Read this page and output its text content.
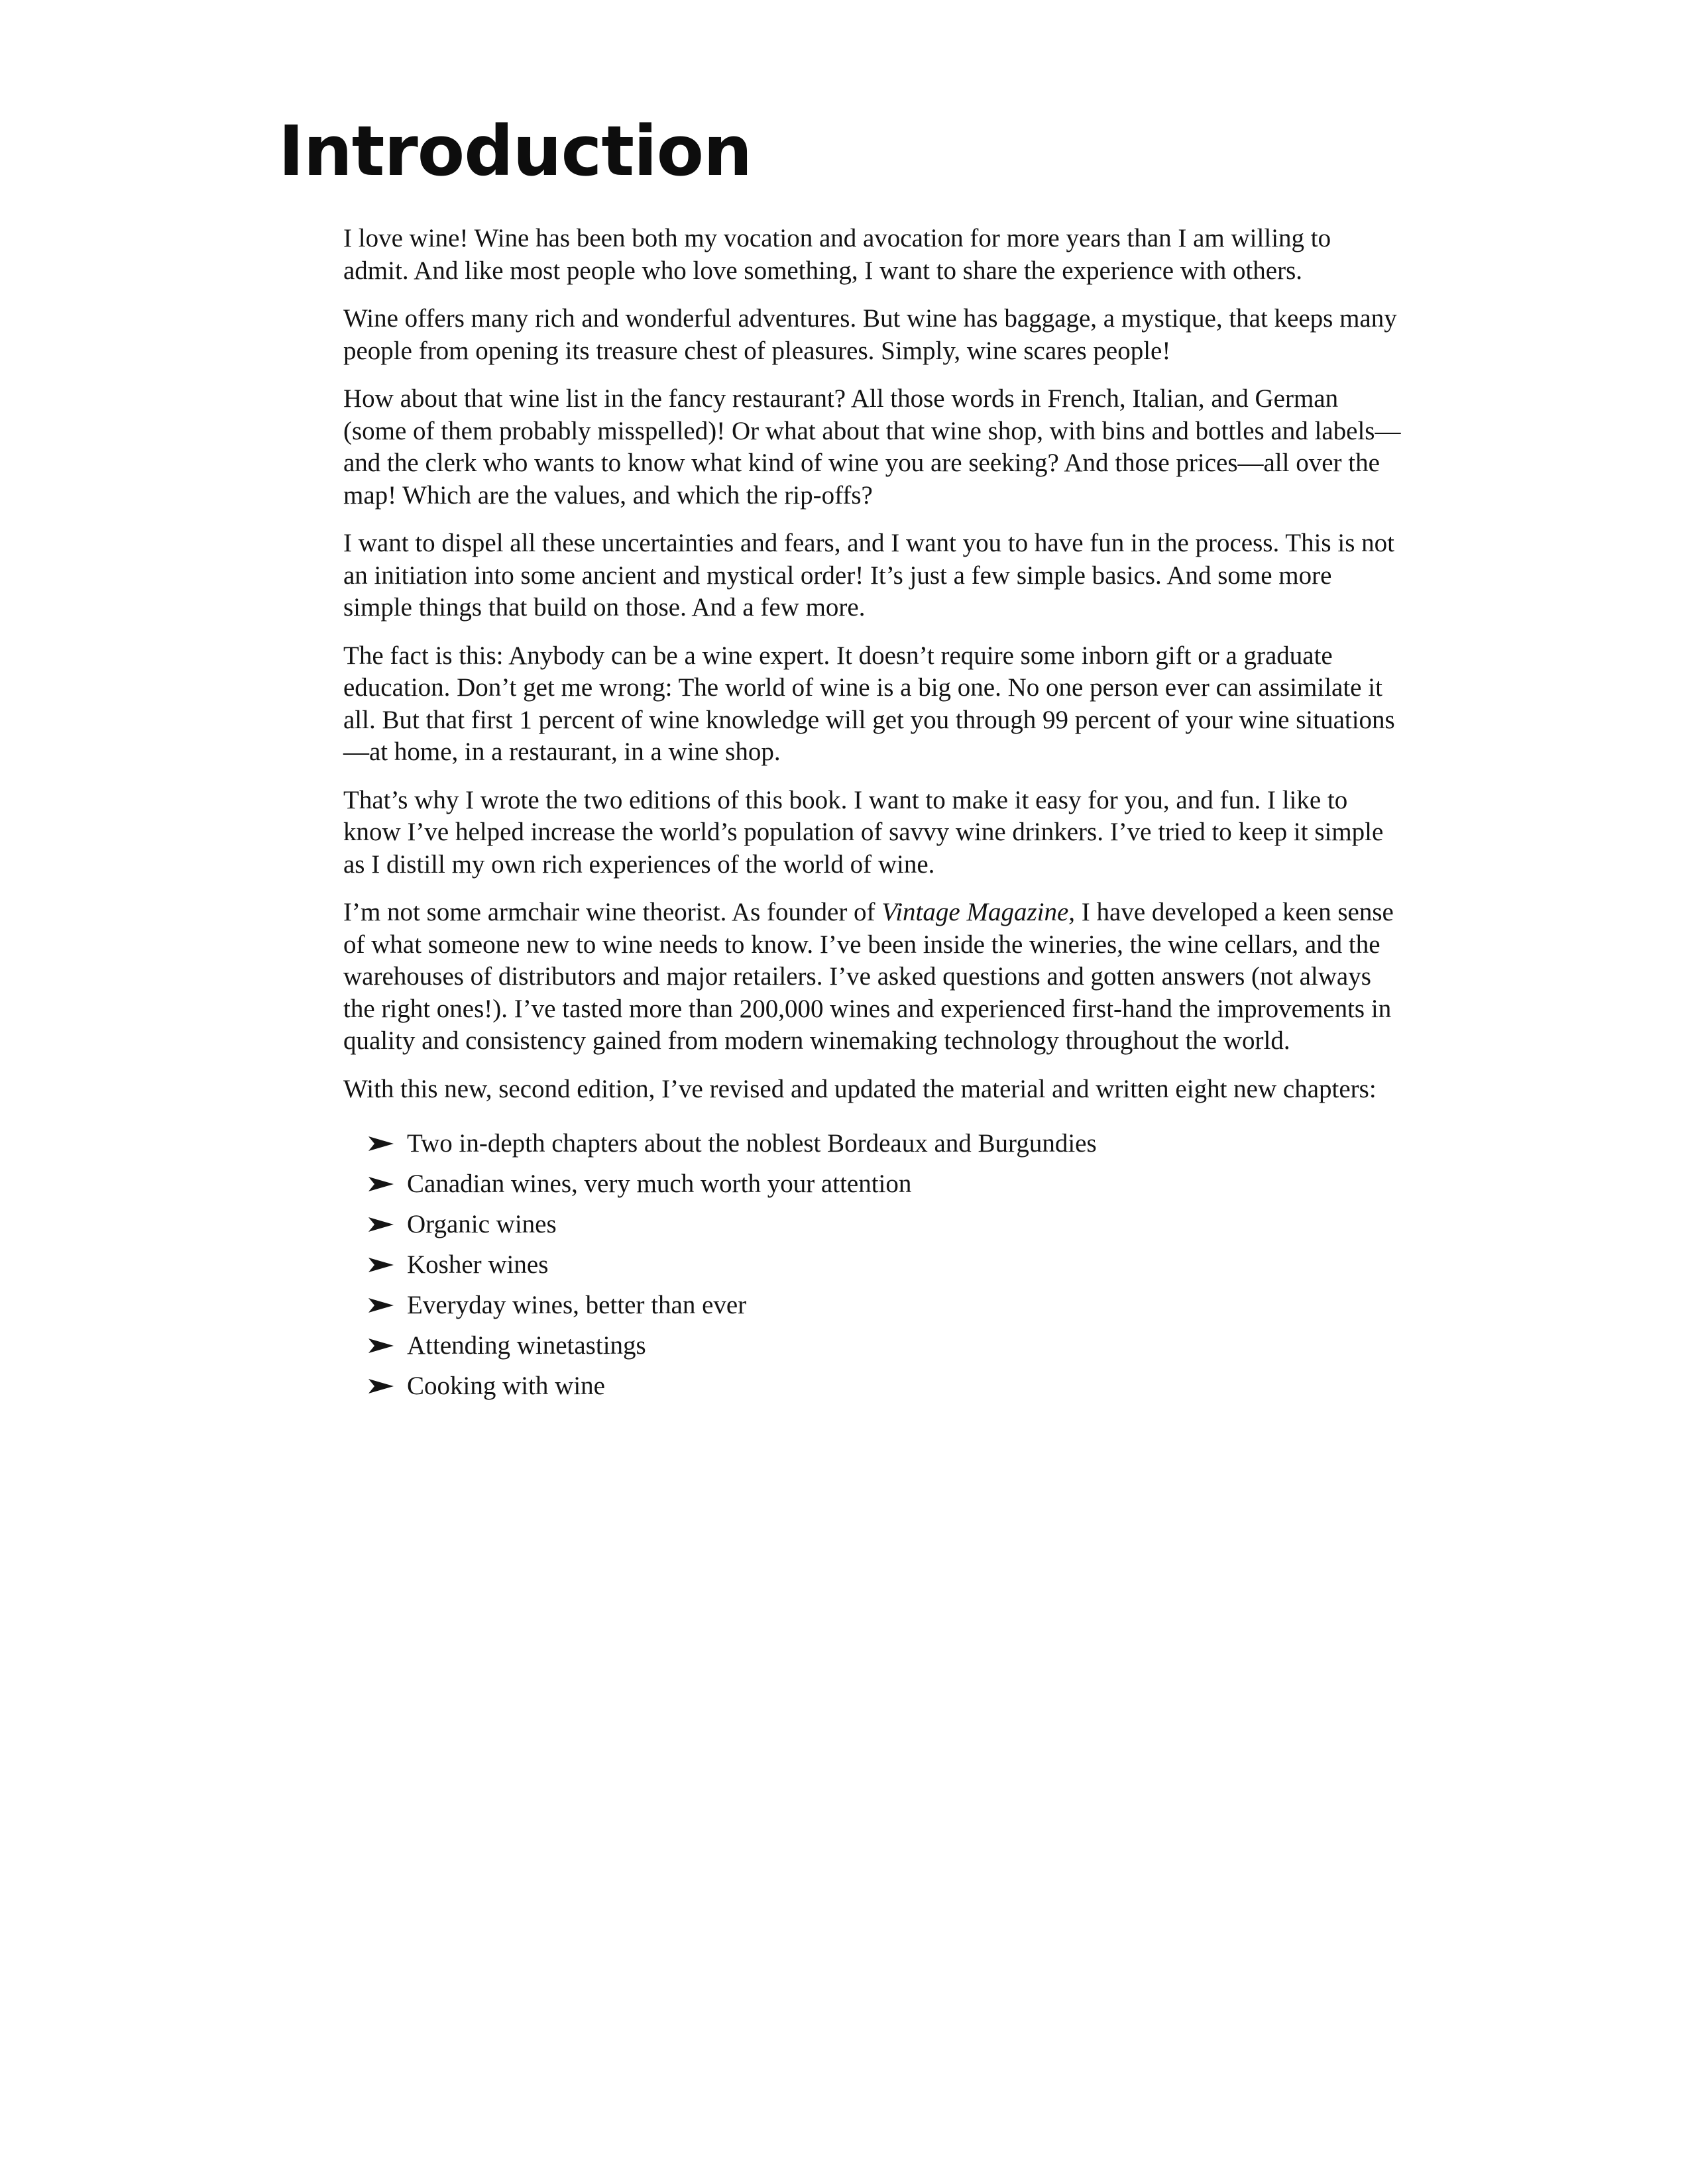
Introduction

I love wine! Wine has been both my vocation and avocation for more years than I am willing to admit. And like most people who love something, I want to share the experience with others.

Wine offers many rich and wonderful adventures. But wine has baggage, a mystique, that keeps many people from opening its treasure chest of pleasures. Simply, wine scares people!

How about that wine list in the fancy restaurant? All those words in French, Italian, and German (some of them probably misspelled)! Or what about that wine shop, with bins and bottles and labels—and the clerk who wants to know what kind of wine you are seeking? And those prices—all over the map! Which are the values, and which the rip-offs?

I want to dispel all these uncertainties and fears, and I want you to have fun in the process. This is not an initiation into some ancient and mystical order! It’s just a few simple basics. And some more simple things that build on those. And a few more.

The fact is this: Anybody can be a wine expert. It doesn’t require some inborn gift or a graduate education. Don’t get me wrong: The world of wine is a big one. No one person ever can assimilate it all. But that first 1 percent of wine knowledge will get you through 99 percent of your wine situations—at home, in a restaurant, in a wine shop.

That’s why I wrote the two editions of this book. I want to make it easy for you, and fun. I like to know I’ve helped increase the world’s population of savvy wine drinkers. I’ve tried to keep it simple as I distill my own rich experiences of the world of wine.

I’m not some armchair wine theorist. As founder of Vintage Magazine, I have developed a keen sense of what someone new to wine needs to know. I’ve been inside the wineries, the wine cellars, and the warehouses of distributors and major retailers. I’ve asked questions and gotten answers (not always the right ones!). I’ve tasted more than 200,000 wines and experienced first-hand the improvements in quality and consistency gained from modern winemaking technology throughout the world.

With this new, second edition, I’ve revised and updated the material and written eight new chapters:

Two in-depth chapters about the noblest Bordeaux and Burgundies
Canadian wines, very much worth your attention
Organic wines
Kosher wines
Everyday wines, better than ever
Attending winetastings
Cooking with wine
